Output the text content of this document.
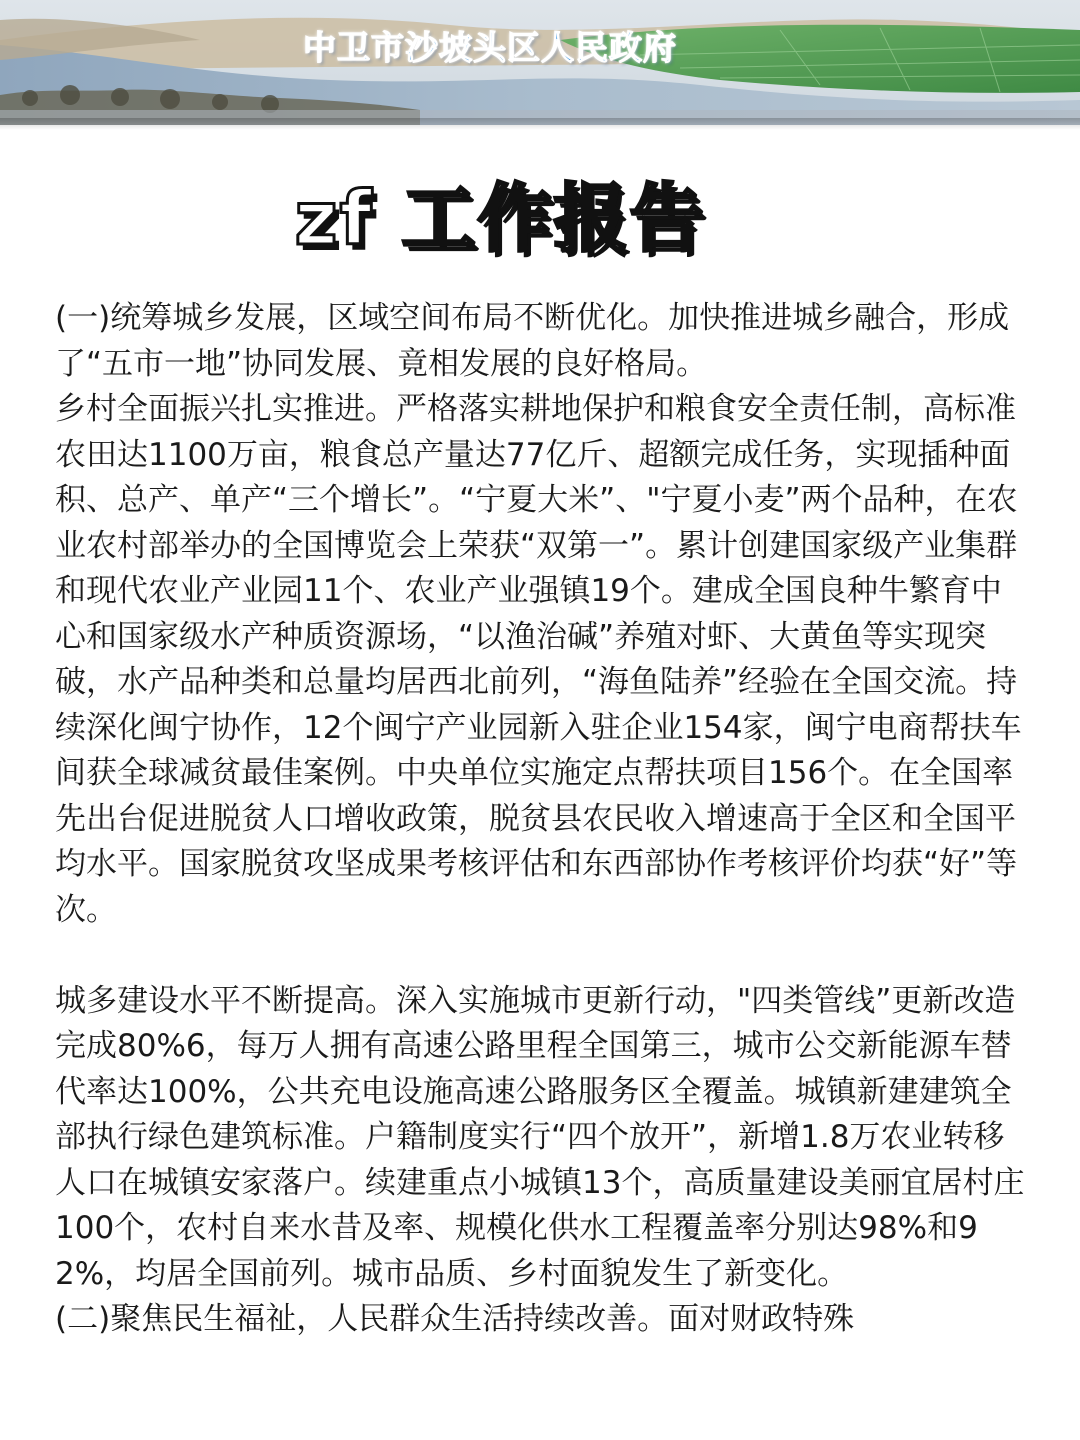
中卫市沙坡头区人民政府
zf 工作报告

(一)统筹城乡发展，区域空间布局不断优化。加快推进城乡融合，形成了“五市一地”协同发展、竟相发展的良好格局。

乡村全面振兴扎实推进。严格落实耕地保护和粮食安全责任制，高标准农田达1100万亩，粮食总产量达77亿斤、超额完成任务，实现插种面积、总产、单产“三个增长”。“宁夏大米”、"宁夏小麦”两个品种，在农业农村部举办的全国博览会上荣获“双第一”。累计创建国家级产业集群和现代农业产业园11个、农业产业强镇19个。建成全国良种牛繁育中心和国家级水产种质资源场，“以渔治碱”养殖对虾、大黄鱼等实现突破，水产品种类和总量均居西北前列，“海鱼陆养”经验在全国交流。持续深化闽宁协作，12个闽宁产业园新入驻企业154家，闽宁电商帮扶车间获全球减贫最佳案例。中央单位实施定点帮扶项目156个。在全国率先出台促进脱贫人口增收政策，脱贫县农民收入增速高于全区和全国平均水平。国家脱贫攻坚成果考核评估和东西部协作考核评价均获“好”等次。

城多建设水平不断提高。深入实施城市更新行动，"四类管线”更新改造完成80%6，每万人拥有高速公路里程全国第三，城市公交新能源车替代率达100%，公共充电设施高速公路服务区全覆盖。城镇新建建筑全部执行绿色建筑标准。户籍制度实行“四个放开”，新增1.8万农业转移人口在城镇安家落户。续建重点小城镇13个，高质量建设美丽宜居村庄100个，农村自来水昔及率、规模化供水工程覆盖率分别达98%和92%，均居全国前列。城市品质、乡村面貌发生了新变化。

(二)聚焦民生福祉，人民群众生活持续改善。面对财政特殊
